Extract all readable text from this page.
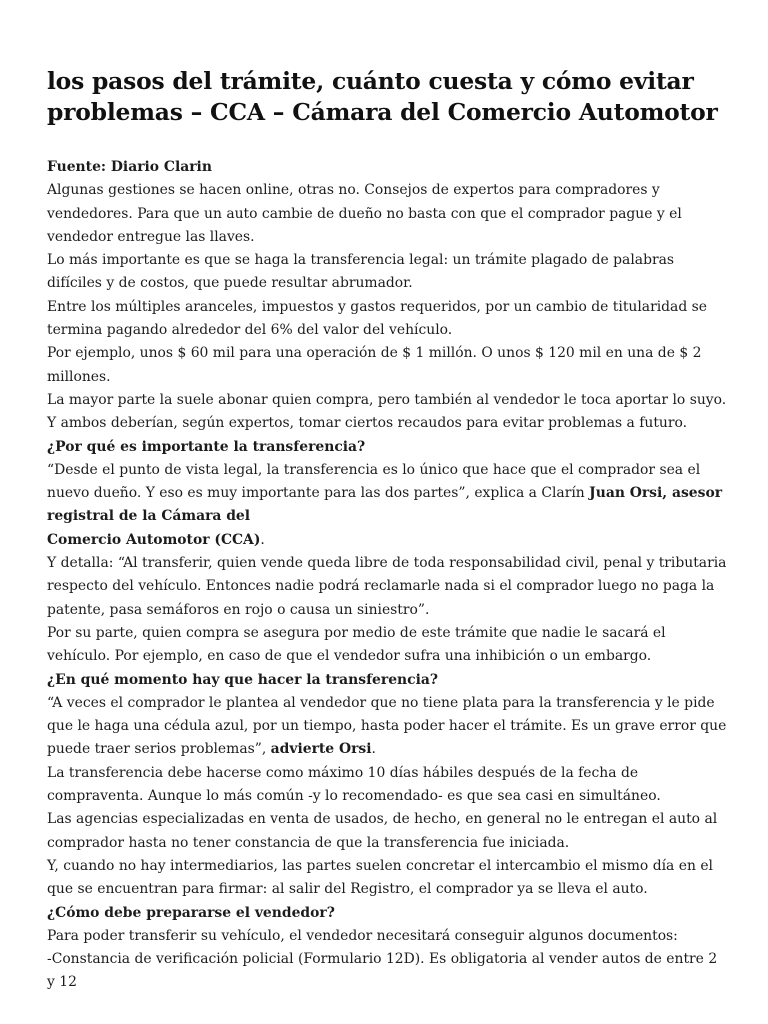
los pasos del trámite, cuánto cuesta y cómo evitar
problemas – CCA – Cámara del Comercio Automotor

Fuente: Diario Clarin

Algunas gestiones se hacen online, otras no. Consejos de expertos para compradores y vendedores. Para que un auto cambie de dueño no basta con que el comprador pague y el vendedor entregue las llaves.

Lo más importante es que se haga la transferencia legal: un trámite plagado de palabras difíciles y de costos, que puede resultar abrumador.

Entre los múltiples aranceles, impuestos y gastos requeridos, por un cambio de titularidad se termina pagando alrededor del 6% del valor del vehículo.

Por ejemplo, unos $ 60 mil para una operación de $ 1 millón. O unos $ 120 mil en una de $ 2 millones.

La mayor parte la suele abonar quien compra, pero también al vendedor le toca aportar lo suyo. Y ambos deberían, según expertos, tomar ciertos recaudos para evitar problemas a futuro.

¿Por qué es importante la transferencia?

“Desde el punto de vista legal, la transferencia es lo único que hace que el comprador sea el nuevo dueño. Y eso es muy importante para las dos partes”, explica a Clarín Juan Orsi, asesor registral de la Cámara del
Comercio Automotor (CCA).

Y detalla: “Al transferir, quien vende queda libre de toda responsabilidad civil, penal y tributaria respecto del vehículo. Entonces nadie podrá reclamarle nada si el comprador luego no paga la patente, pasa semáforos en rojo o causa un siniestro”.

Por su parte, quien compra se asegura por medio de este trámite que nadie le sacará el vehículo. Por ejemplo, en caso de que el vendedor sufra una inhibición o un embargo.

¿En qué momento hay que hacer la transferencia?

“A veces el comprador le plantea al vendedor que no tiene plata para la transferencia y le pide que le haga una cédula azul, por un tiempo, hasta poder hacer el trámite. Es un grave error que puede traer serios problemas”, advierte Orsi.

La transferencia debe hacerse como máximo 10 días hábiles después de la fecha de compraventa. Aunque lo más común -y lo recomendado- es que sea casi en simultáneo.

Las agencias especializadas en venta de usados, de hecho, en general no le entregan el auto al comprador hasta no tener constancia de que la transferencia fue iniciada.

Y, cuando no hay intermediarios, las partes suelen concretar el intercambio el mismo día en el que se encuentran para firmar: al salir del Registro, el comprador ya se lleva el auto.

¿Cómo debe prepararse el vendedor?

Para poder transferir su vehículo, el vendedor necesitará conseguir algunos documentos:

-Constancia de verificación policial (Formulario 12D). Es obligatoria al vender autos de entre 2 y 12
